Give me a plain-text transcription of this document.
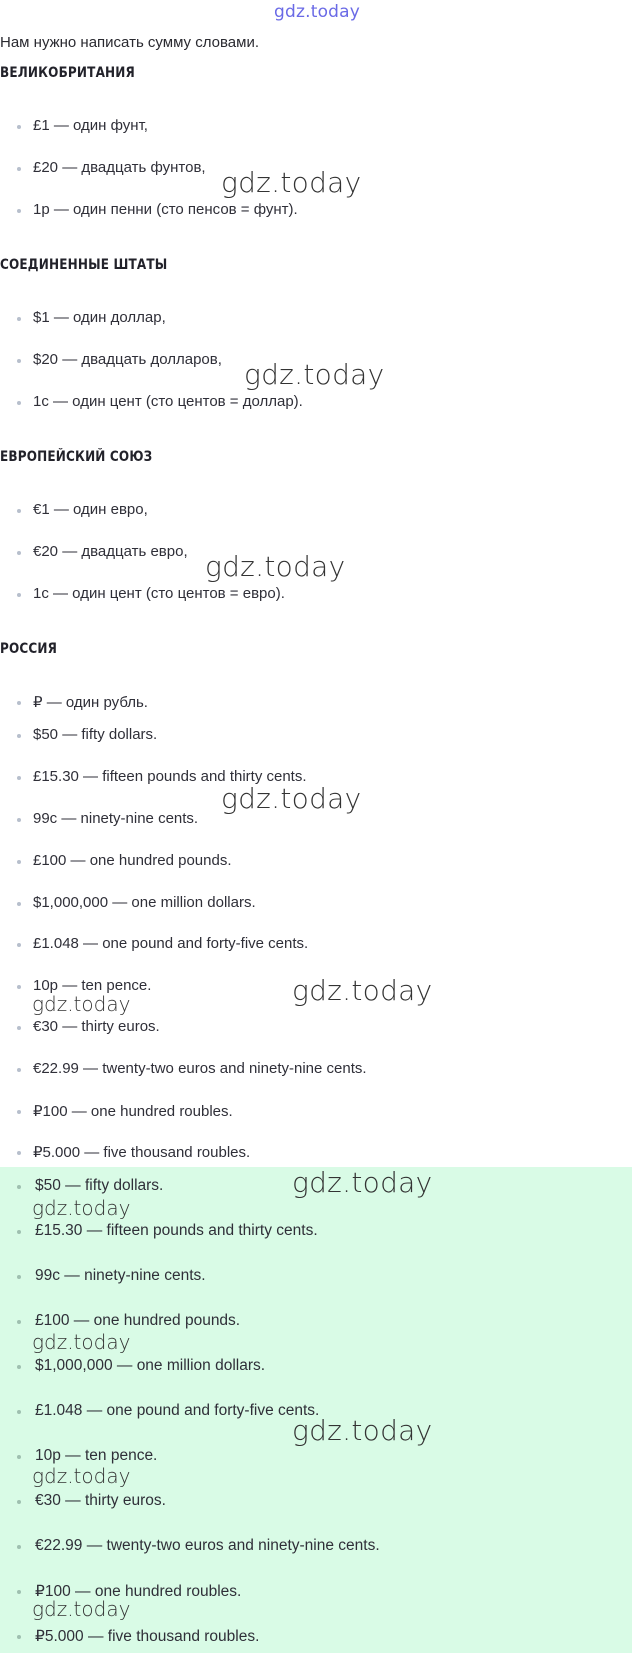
gdz.today
Нам нужно написать сумму словами.
ВЕЛИКОБРИТАНИЯ
£1 — один фунт,
£20 — двадцать фунтов,
1p — один пенни (сто пенсов = фунт).
СОЕДИНЕННЫЕ ШТАТЫ
$1 — один доллар,
$20 — двадцать долларов,
1c — один цент (сто центов = доллар).
ЕВРОПЕЙСКИЙ СОЮЗ
€1 — один евро,
€20 — двадцать евро,
1c — один цент (сто центов = евро).
РОССИЯ
₽ — один рубль.
$50 — fifty dollars.
£15.30 — fifteen pounds and thirty cents.
99c — ninety-nine cents.
£100 — one hundred pounds.
$1,000,000 — one million dollars.
£1.048 — one pound and forty-five cents.
10p — ten pence.
€30 — thirty euros.
€22.99 — twenty-two euros and ninety-nine cents.
₽100 — one hundred roubles.
₽5.000 — five thousand roubles.
$50 — fifty dollars.
£15.30 — fifteen pounds and thirty cents.
99c — ninety-nine cents.
£100 — one hundred pounds.
$1,000,000 — one million dollars.
£1.048 — one pound and forty-five cents.
10p — ten pence.
€30 — thirty euros.
€22.99 — twenty-two euros and ninety-nine cents.
₽100 — one hundred roubles.
₽5.000 — five thousand roubles.
gdz.today
gdz.today
gdz.today
gdz.today
gdz.today
gdz.today
gdz.today
gdz.today
gdz.today
gdz.today
gdz.today
gdz.today
